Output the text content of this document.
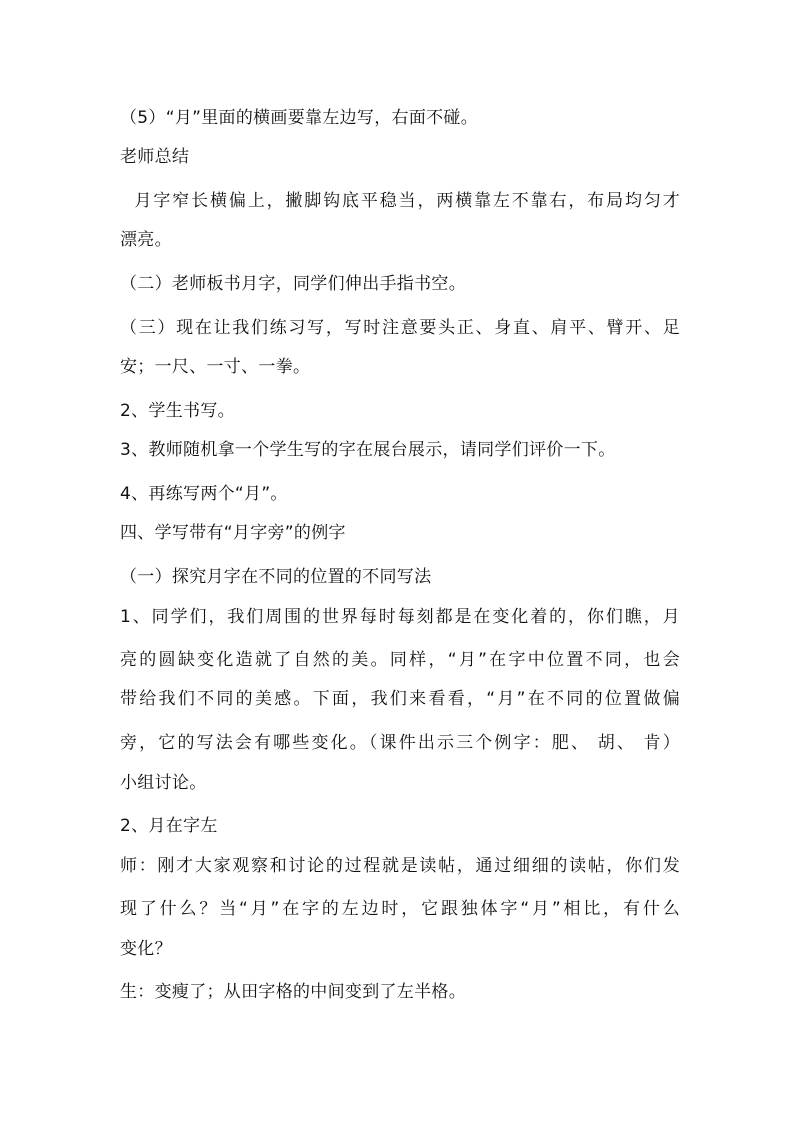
（5）“月”里面的横画要靠左边写，右面不碰。
老师总结
月字窄长横偏上，撇脚钩底平稳当，两横靠左不靠右，布局均匀才
漂亮。
（二）老师板书月字，同学们伸出手指书空。
（三）现在让我们练习写，写时注意要头正、身直、肩平、臂开、足
安；一尺、一寸、一拳。
2、学生书写。
3、教师随机拿一个学生写的字在展台展示，请同学们评价一下。
4、再练写两个“月”。
四、学写带有“月字旁”的例字
（一）探究月字在不同的位置的不同写法
1、同学们，我们周围的世界每时每刻都是在变化着的，你们瞧，月
亮的圆缺变化造就了自然的美。同样，“月”在字中位置不同，也会
带给我们不同的美感。下面，我们来看看，“月”在不同的位置做偏
旁，它的写法会有哪些变化。（课件出示三个例字：肥、 胡、 肯）
小组讨论。
2、月在字左
师：刚才大家观察和讨论的过程就是读帖，通过细细的读帖，你们发
现了什么？当“月”在字的左边时，它跟独体字“月”相比，有什么
变化？
生：变瘦了；从田字格的中间变到了左半格。
